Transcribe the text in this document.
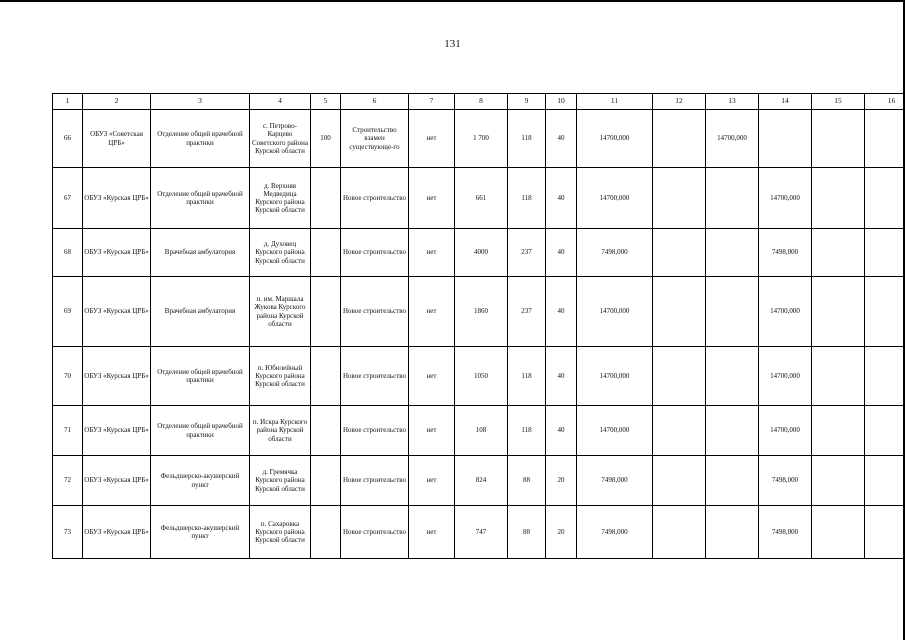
131
1	2	3	4	5	6	7	8	9	10	11	12	13	14	15	16
66	ОБУЗ «Советская ЦРБ»	Отделение общей врачебной практики	с. Петрово-Карцево Советского района Курской области	100	Строительство взамен существующе-го	нет	1 700	118	40	14700,000		14700,000			
67	ОБУЗ «Курская ЦРБ»	Отделение общей врачебной практики	д. Верхняя Медведица Курского района Курской области		Новое строительство	нет	661	118	40	14700,000			14700,000		
68	ОБУЗ «Курская ЦРБ»	Врачебная амбулатория	д. Духовец Курского района Курской области		Новое строительство	нет	4000	237	40	7498,000			7498,000		
69	ОБУЗ «Курская ЦРБ»	Врачебная амбулатория	п. им. Маршала Жукова Курского района Курской области		Новое строительство	нет	1860	237	40	14700,000			14700,000		
70	ОБУЗ «Курская ЦРБ»	Отделение общей врачебной практики	п. Юбилейный Курского района Курской области		Новое строительство	нет	1050	118	40	14700,000			14700,000		
71	ОБУЗ «Курская ЦРБ»	Отделение общей врачебной практики	п. Искра Курского района Курской области		Новое строительство	нет	108	118	40	14700,000			14700,000		
72	ОБУЗ «Курская ЦРБ»	Фельдшерско-акушерский пункт	д. Гремячка Курского района Курской области		Новое строительство	нет	824	88	20	7498,000			7498,000		
73	ОБУЗ «Курская ЦРБ»	Фельдшерско-акушерский пункт	п. Сахаровка Курского района Курской области		Новое строительство	нет	747	88	20	7498,000			7498,000		
